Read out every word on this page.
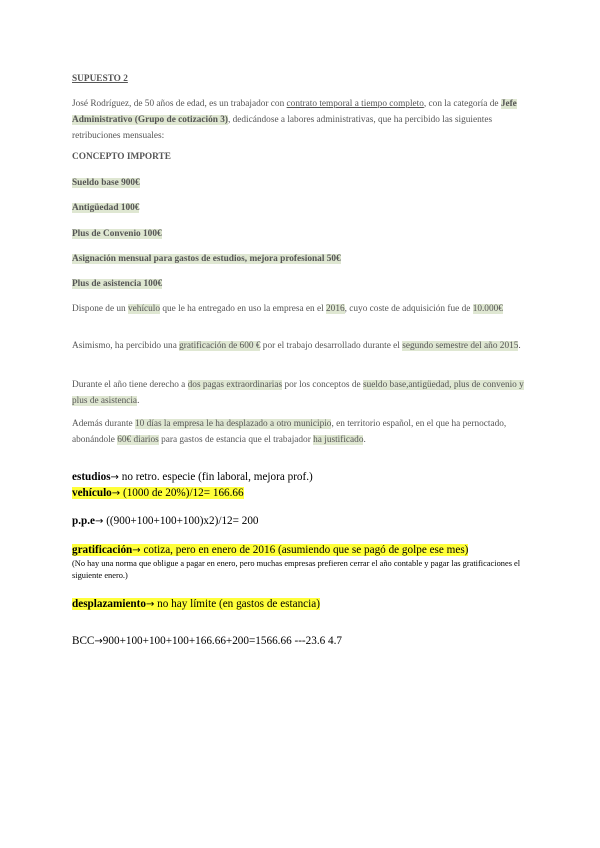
SUPUESTO 2
José Rodríguez, de 50 años de edad, es un trabajador con contrato temporal a tiempo completo, con la categoría de Jefe Administrativo (Grupo de cotización 3), dedicándose a labores administrativas, que ha percibido las siguientes retribuciones mensuales:
CONCEPTO IMPORTE
Sueldo base 900€
Antigüedad 100€
Plus de Convenio 100€
Asignación mensual para gastos de estudios, mejora profesional 50€
Plus de asistencia 100€
Dispone de un vehículo que le ha entregado en uso la empresa en el 2016, cuyo coste de adquisición fue de 10.000€
Asimismo, ha percibido una gratificación de 600 € por el trabajo desarrollado durante el segundo semestre del año 2015.
Durante el año tiene derecho a dos pagas extraordinarias por los conceptos de sueldo base,antigüedad, plus de convenio y plus de asistencia.
Además durante 10 días la empresa le ha desplazado a otro municipio, en territorio español, en el que ha pernoctado, abonándole 60€ diarios para gastos de estancia que el trabajador ha justificado.
estudios→ no retro. especie (fin laboral, mejora prof.)
vehículo→ (1000 de 20%)/12= 166.66
p.p.e→ ((900+100+100+100)x2)/12= 200
gratificación→ cotiza, pero en enero de 2016 (asumiendo que se pagó de golpe ese mes)
(No hay una norma que obligue a pagar en enero, pero muchas empresas prefieren cerrar el año contable y pagar las gratificaciones el siguiente enero.)
desplazamiento→ no hay límite (en gastos de estancia)
BCC→900+100+100+100+166.66+200=1566.66 ---23.6 4.7
